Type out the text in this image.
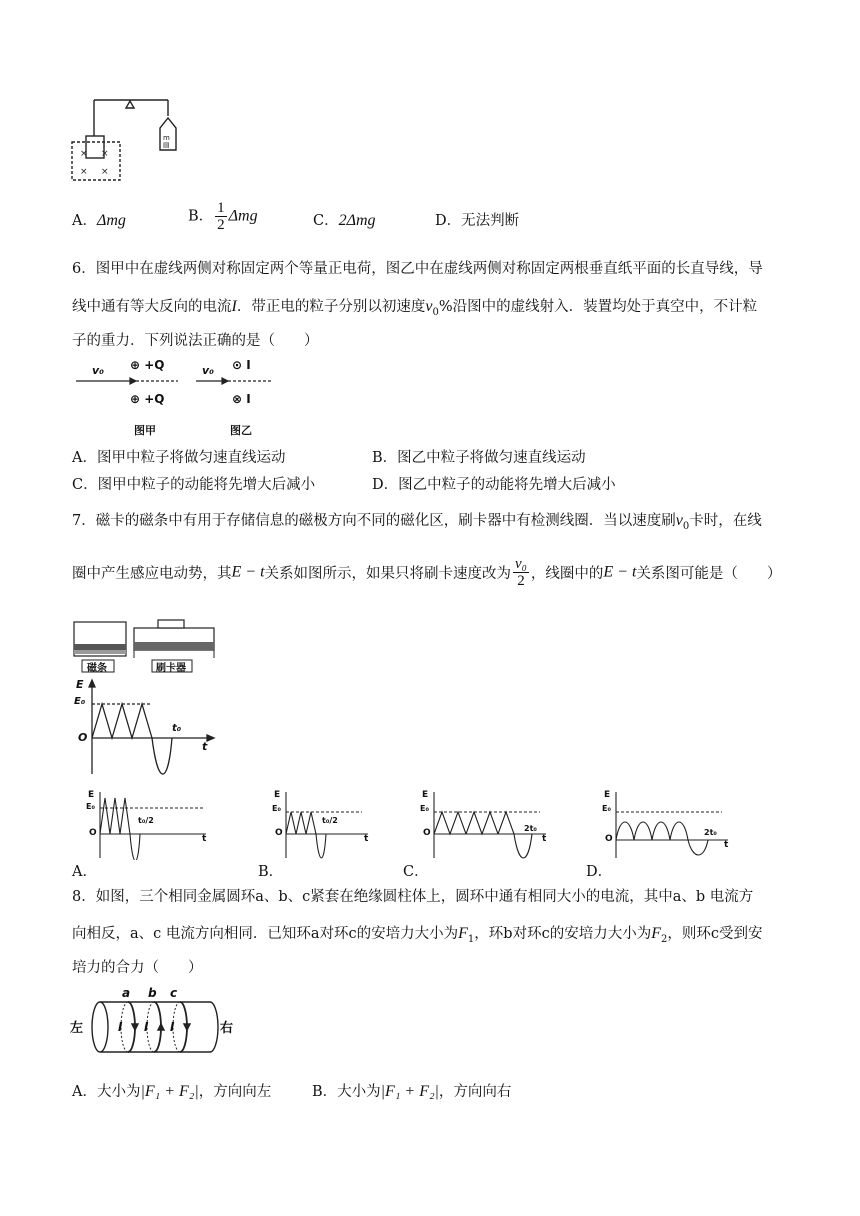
× ×
× ×
m
▤
A．Δmg	B． $\frac{1}{2}$ Δmg	C．2Δmg	D．无法判断
6．图甲中在虚线两侧对称固定两个等量正电荷，图乙中在虚线两侧对称固定两根垂直纸平面的长直导线，导
线中通有等大反向的电流I．带正电的粒子分别以初速度$v_0\%$沿图中的虚线射入．装置均处于真空中，不计粒
子的重力．下列说法正确的是（　　）
v₀ ⊕ +Q
⊕ +Q
v₀ ⊙ I
⊗ I
图甲	图乙
A．图甲中粒子将做匀速直线运动	B．图乙中粒子将做匀速直线运动
C．图甲中粒子的动能将先增大后减小	D．图乙中粒子的动能将先增大后减小
7．磁卡的磁条中有用于存储信息的磁极方向不同的磁化区，刷卡器中有检测线圈．当以速度刷$v_0$卡时，在线
圈中产生感应电动势，其E − t关系如图所示，如果只将刷卡速度改为 $\frac{\text{v₀}}{2}$ ，线圈中的E − t关系图可能是（　　）
磁条	刷卡器
E
E₀
O
t
t₀
E
E₀
O
t
t₀/2
A．
E
E₀
O
t
t₀/2
B．
E
E₀
O
t
2t₀
C．
E
E₀
O
t
2t₀
D．
8．如图，三个相同金属圆环a、b、c紧套在绝缘圆柱体上，圆环中通有相同大小的电流，其中a、b 电流方
向相反，a、c 电流方向相同．已知环a对环c的安培力大小为$F_1$，环b对环c的安培力大小为$F_2$，则环c受到安
培力的合力（　　）
左	右
a b c
I I I
A．大小为|F₁ + F₂|，方向向左	B．大小为|F₁ + F₂|，方向向右
